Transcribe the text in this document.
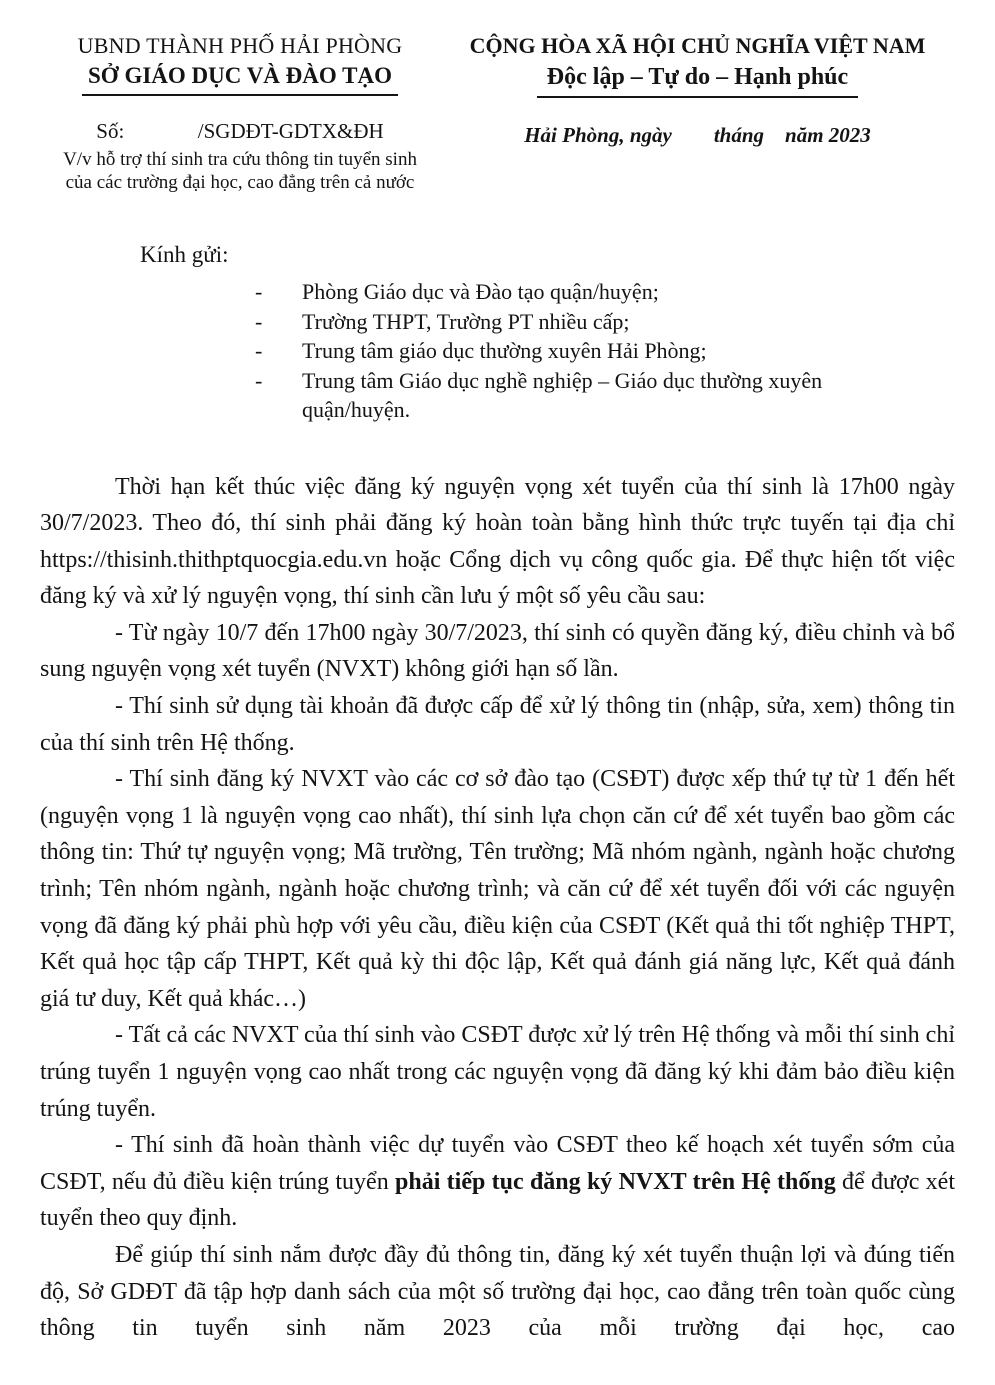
UBND THÀNH PHỐ HẢI PHÒNG
SỞ GIÁO DỤC VÀ ĐÀO TẠO
Số:              /SGDĐT-GDTX&ĐH
V/v hỗ trợ thí sinh tra cứu thông tin tuyển sinh
của các trường đại học, cao đẳng trên cả nước
CỘNG HÒA XÃ HỘI CHỦ NGHĨA VIỆT NAM
Độc lập – Tự do – Hạnh phúc
Hải Phòng, ngày        tháng    năm 2023
Kính gửi:
-	Phòng Giáo dục và Đào tạo quận/huyện;
-	Trường THPT, Trường PT nhiều cấp;
-	Trung tâm giáo dục thường xuyên Hải Phòng;
-	Trung tâm Giáo dục nghề nghiệp – Giáo dục thường xuyên quận/huyện.

Thời hạn kết thúc việc đăng ký nguyện vọng xét tuyển của thí sinh là 17h00 ngày 30/7/2023. Theo đó, thí sinh phải đăng ký hoàn toàn bằng hình thức trực tuyến tại địa chỉ https://thisinh.thithptquocgia.edu.vn hoặc Cổng dịch vụ công quốc gia. Để thực hiện tốt việc đăng ký và xử lý nguyện vọng, thí sinh cần lưu ý một số yêu cầu sau:

- Từ ngày 10/7 đến 17h00 ngày 30/7/2023, thí sinh có quyền đăng ký, điều chỉnh và bổ sung nguyện vọng xét tuyển (NVXT) không giới hạn số lần.

- Thí sinh sử dụng tài khoản đã được cấp để xử lý thông tin (nhập, sửa, xem) thông tin của thí sinh trên Hệ thống.

- Thí sinh đăng ký NVXT vào các cơ sở đào tạo (CSĐT) được xếp thứ tự từ 1 đến hết (nguyện vọng 1 là nguyện vọng cao nhất), thí sinh lựa chọn căn cứ để xét tuyển bao gồm các thông tin: Thứ tự nguyện vọng; Mã trường, Tên trường; Mã nhóm ngành, ngành hoặc chương trình; Tên nhóm ngành, ngành hoặc chương trình; và căn cứ để xét tuyển đối với các nguyện vọng đã đăng ký phải phù hợp với yêu cầu, điều kiện của CSĐT (Kết quả thi tốt nghiệp THPT, Kết quả học tập cấp THPT, Kết quả kỳ thi độc lập, Kết quả đánh giá năng lực, Kết quả đánh giá tư duy, Kết quả khác…)

- Tất cả các NVXT của thí sinh vào CSĐT được xử lý trên Hệ thống và mỗi thí sinh chỉ trúng tuyển 1 nguyện vọng cao nhất trong các nguyện vọng đã đăng ký khi đảm bảo điều kiện trúng tuyển.

- Thí sinh đã hoàn thành việc dự tuyển vào CSĐT theo kế hoạch xét tuyển sớm của CSĐT, nếu đủ điều kiện trúng tuyển phải tiếp tục đăng ký NVXT trên Hệ thống để được xét tuyển theo quy định.

Để giúp thí sinh nắm được đầy đủ thông tin, đăng ký xét tuyển thuận lợi và đúng tiến độ, Sở GDĐT đã tập hợp danh sách của một số trường đại học, cao đẳng trên toàn quốc cùng thông tin tuyển sinh năm 2023 của mỗi trường đại học, cao
